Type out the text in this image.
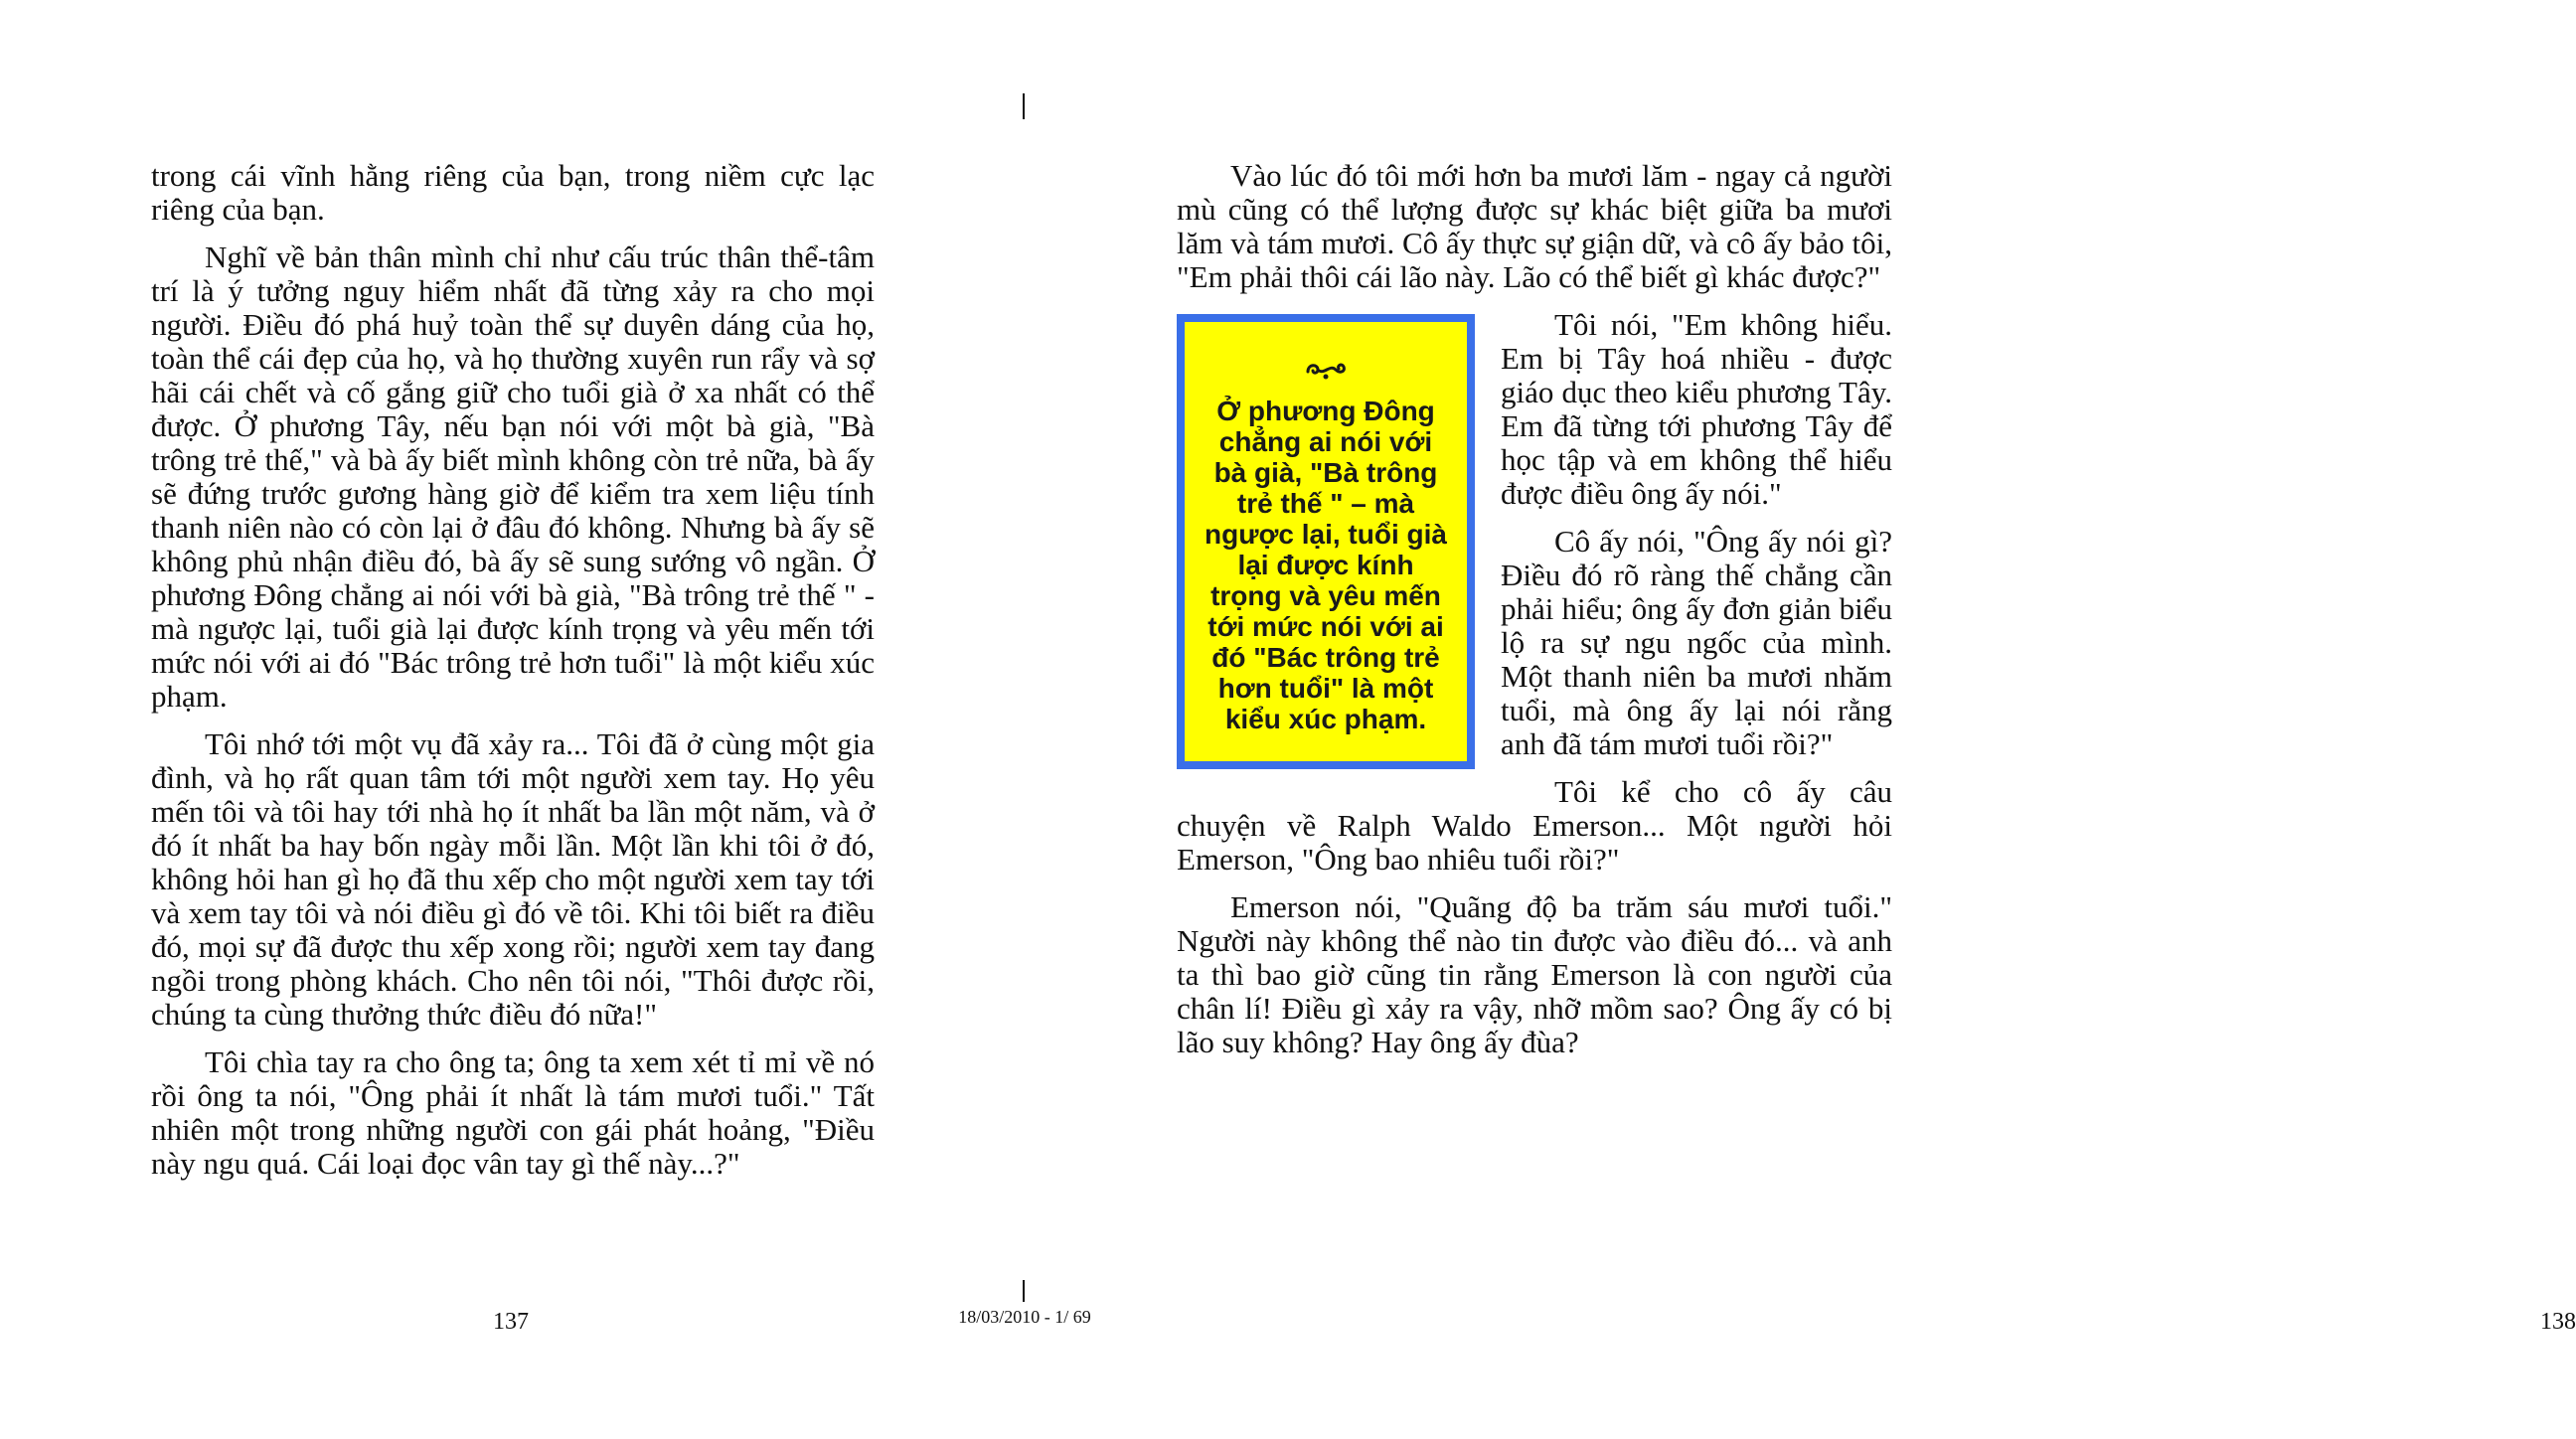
trong cái vĩnh hằng riêng của bạn, trong niềm cực lạc riêng của bạn.

Nghĩ về bản thân mình chỉ như cấu trúc thân thể-tâm trí là ý tưởng nguy hiểm nhất đã từng xảy ra cho mọi người. Điều đó phá huỷ toàn thể sự duyên dáng của họ, toàn thể cái đẹp của họ, và họ thường xuyên run rẩy và sợ hãi cái chết và cố gắng giữ cho tuổi già ở xa nhất có thể được. Ở phương Tây, nếu bạn nói với một bà già, "Bà trông trẻ thế," và bà ấy biết mình không còn trẻ nữa, bà ấy sẽ đứng trước gương hàng giờ để kiểm tra xem liệu tính thanh niên nào có còn lại ở đâu đó không. Nhưng bà ấy sẽ không phủ nhận điều đó, bà ấy sẽ sung sướng vô ngần. Ở phương Đông chẳng ai nói với bà già, "Bà trông trẻ thế " - mà ngược lại, tuổi già lại được kính trọng và yêu mến tới mức nói với ai đó "Bác trông trẻ hơn tuổi" là một kiểu xúc phạm.

Tôi nhớ tới một vụ đã xảy ra... Tôi đã ở cùng một gia đình, và họ rất quan tâm tới một người xem tay. Họ yêu mến tôi và tôi hay tới nhà họ ít nhất ba lần một năm, và ở đó ít nhất ba hay bốn ngày mỗi lần. Một lần khi tôi ở đó, không hỏi han gì họ đã thu xếp cho một người xem tay tới và xem tay tôi và nói điều gì đó về tôi. Khi tôi biết ra điều đó, mọi sự đã được thu xếp xong rồi; người xem tay đang ngồi trong phòng khách. Cho nên tôi nói, "Thôi được rồi, chúng ta cùng thưởng thức điều đó nữa!"

Tôi chìa tay ra cho ông ta; ông ta xem xét tỉ mỉ về nó rồi ông ta nói, "Ông phải ít nhất là tám mươi tuổi." Tất nhiên một trong những người con gái phát hoảng, "Điều này ngu quá. Cái loại đọc vân tay gì thế này...?"

137

Vào lúc đó tôi mới hơn ba mươi lăm - ngay cả người mù cũng có thể lượng được sự khác biệt giữa ba mươi lăm và tám mươi. Cô ấy thực sự giận dữ, và cô ấy bảo tôi, "Em phải thôi cái lão này. Lão có thể biết gì khác được?"

Ở phương Đông chẳng ai nói với bà già, "Bà trông trẻ thế " – mà ngược lại, tuổi già lại được kính trọng và yêu mến tới mức nói với ai đó "Bác trông trẻ hơn tuổi" là một kiểu xúc phạm.

Tôi nói, "Em không hiểu. Em bị Tây hoá nhiều - được giáo dục theo kiểu phương Tây. Em đã từng tới phương Tây để học tập và em không thể hiểu được điều ông ấy nói."

Cô ấy nói, "Ông ấy nói gì? Điều đó rõ ràng thế chẳng cần phải hiểu; ông ấy đơn giản biểu lộ ra sự ngu ngốc của mình. Một thanh niên ba mươi nhăm tuổi, mà ông ấy lại nói rằng anh đã tám mươi tuổi rồi?"

Tôi kể cho cô ấy câu chuyện về Ralph Waldo Emerson... Một người hỏi Emerson, "Ông bao nhiêu tuổi rồi?"

Emerson nói, "Quãng độ ba trăm sáu mươi tuổi." Người này không thể nào tin được vào điều đó... và anh ta thì bao giờ cũng tin rằng Emerson là con người của chân lí! Điều gì xảy ra vậy, nhỡ mồm sao? Ông ấy có bị lão suy không? Hay ông ấy đùa?

138
18/03/2010 - 1/ 69
